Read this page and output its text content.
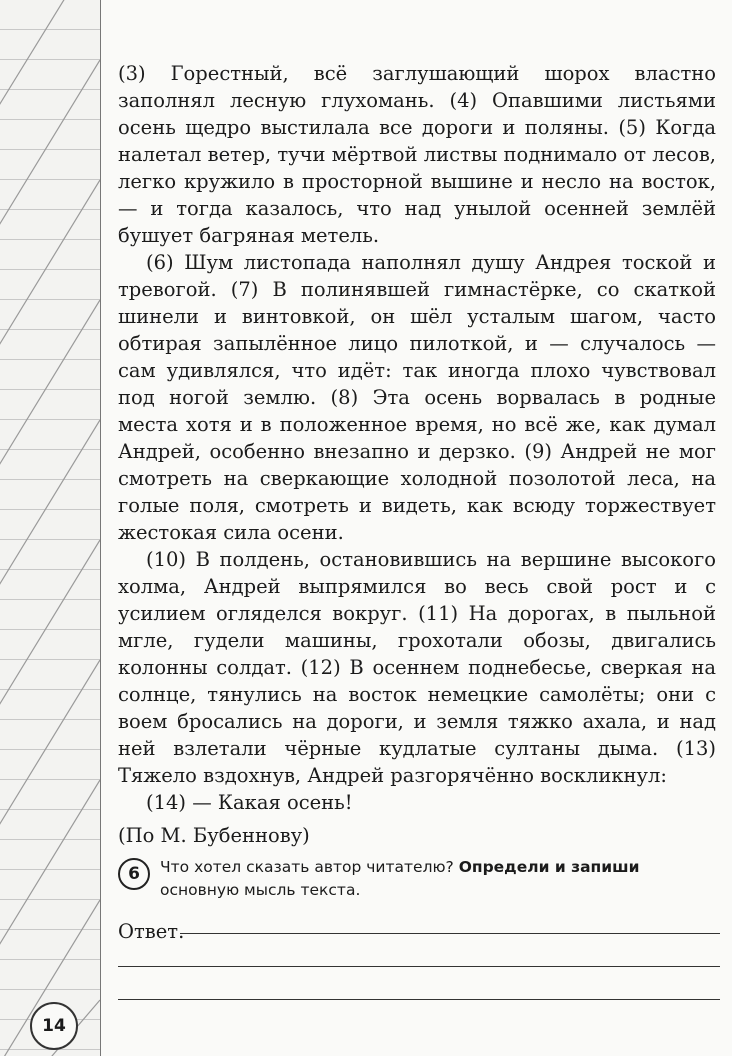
(3) Горестный, всё заглушающий шорох властно заполнял лесную глухомань. (4) Опавшими листьями осень щедро выстилала все дороги и поляны. (5) Когда налетал ветер, тучи мёртвой листвы поднимало от лесов, легко кружило в просторной вышине и несло на восток, — и тогда казалось, что над унылой осенней землёй бушует багряная метель.

(6) Шум листопада наполнял душу Андрея тоской и тревогой. (7) В полинявшей гимнастёрке, со скаткой шинели и винтовкой, он шёл усталым шагом, часто обтирая запылённое лицо пилоткой, и — случалось — сам удивлялся, что идёт: так иногда плохо чувствовал под ногой землю. (8) Эта осень ворвалась в родные места хотя и в положенное время, но всё же, как думал Андрей, особенно внезапно и дерзко. (9) Андрей не мог смотреть на сверкающие холодной позолотой леса, на голые поля, смотреть и видеть, как всюду торжествует жестокая сила осени.

(10) В полдень, остановившись на вершине высокого холма, Андрей выпрямился во весь свой рост и с усилием огляделся вокруг. (11) На дорогах, в пыльной мгле, гудели машины, грохотали обозы, двигались колонны солдат. (12) В осеннем поднебесье, сверкая на солнце, тянулись на восток немецкие самолёты; они с воем бросались на дороги, и земля тяжко ахала, и над ней взлетали чёрные кудлатые султаны дыма. (13) Тяжело вздохнув, Андрей разгорячённо воскликнул:

(14) — Какая осень!

(По М. Бубеннову)

6	Что хотел сказать автор читателю? Определи и запиши основную мысль текста.
Ответ.
14
